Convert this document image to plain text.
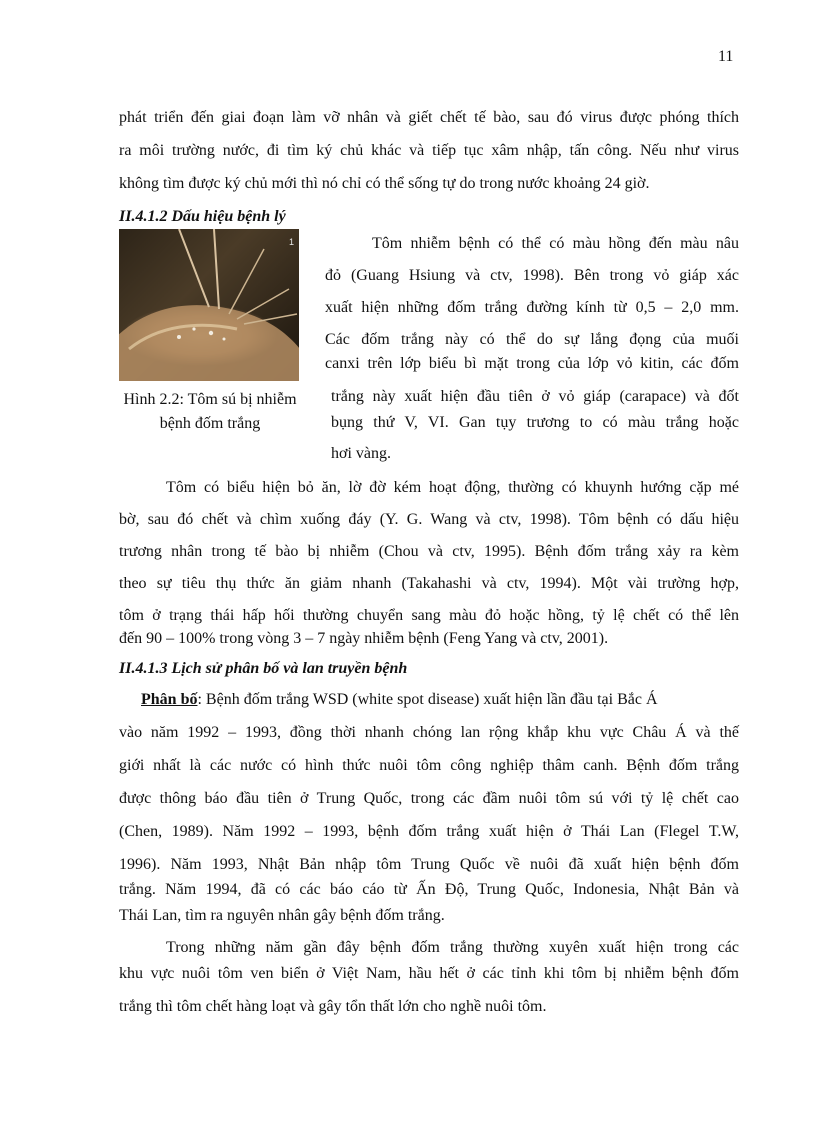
11
phát triển đến giai đoạn làm vỡ nhân và giết chết tế bào, sau đó virus được phóng thích
ra môi trường nước, đi tìm ký chủ khác và tiếp tục xâm nhập, tấn công. Nếu như virus
không tìm được ký chủ mới thì nó chỉ có thể sống tự do trong nước khoảng 24 giờ.
II.4.1.2 Dấu hiệu bệnh lý
1
Hình 2.2: Tôm sú bị nhiễm
bệnh đốm trắng
Tôm nhiễm bệnh có thể có màu hồng đến màu nâu
đỏ (Guang Hsiung và ctv, 1998). Bên trong vỏ giáp xác
xuất hiện những đốm trắng đường kính từ 0,5 – 2,0 mm.
Các đốm trắng này có thể do sự lắng đọng của muối
canxi trên lớp biểu bì mặt trong của lớp vỏ kitin, các đốm
trắng này xuất hiện đầu tiên ở vỏ giáp (carapace) và đốt
bụng thứ V, VI. Gan tụy trương to có màu trắng hoặc
hơi vàng.
Tôm có biểu hiện bỏ ăn, lờ đờ kém hoạt động, thường có khuynh hướng cặp mé
bờ, sau đó chết và chìm xuống đáy (Y. G. Wang và ctv, 1998). Tôm bệnh có dấu hiệu
trương nhân trong tế bào bị nhiễm (Chou và ctv, 1995). Bệnh đốm trắng xảy ra kèm
theo sự tiêu thụ thức ăn giảm nhanh (Takahashi và ctv, 1994). Một vài trường hợp,
tôm ở trạng thái hấp hối thường chuyển sang màu đỏ hoặc hồng, tỷ lệ chết có thể lên
đến 90 – 100% trong vòng 3 – 7 ngày nhiễm bệnh (Feng Yang và ctv, 2001).
II.4.1.3 Lịch sử phân bố và lan truyền bệnh
Phân bố : Bệnh đốm trắng WSD (white spot disease) xuất hiện lần đầu tại Bắc Á
vào năm 1992 – 1993, đồng thời nhanh chóng lan rộng khắp khu vực Châu Á và thế
giới nhất là các nước có hình thức nuôi tôm công nghiệp thâm canh. Bệnh đốm trắng
được thông báo đầu tiên ở Trung Quốc, trong các đầm nuôi tôm sú với tỷ lệ chết cao
(Chen, 1989). Năm 1992 – 1993, bệnh đốm trắng xuất hiện ở Thái Lan (Flegel T.W,
1996). Năm 1993, Nhật Bản nhập tôm Trung Quốc về nuôi đã xuất hiện bệnh đốm
trắng. Năm 1994, đã có các báo cáo từ Ấn Độ, Trung Quốc, Indonesia, Nhật Bản và
Thái Lan, tìm ra nguyên nhân gây bệnh đốm trắng.
Trong những năm gần đây bệnh đốm trắng thường xuyên xuất hiện trong các
khu vực nuôi tôm ven biển ở Việt Nam, hầu hết ở các tỉnh khi tôm bị nhiễm bệnh đốm
trắng thì tôm chết hàng loạt và gây tổn thất lớn cho nghề nuôi tôm.
